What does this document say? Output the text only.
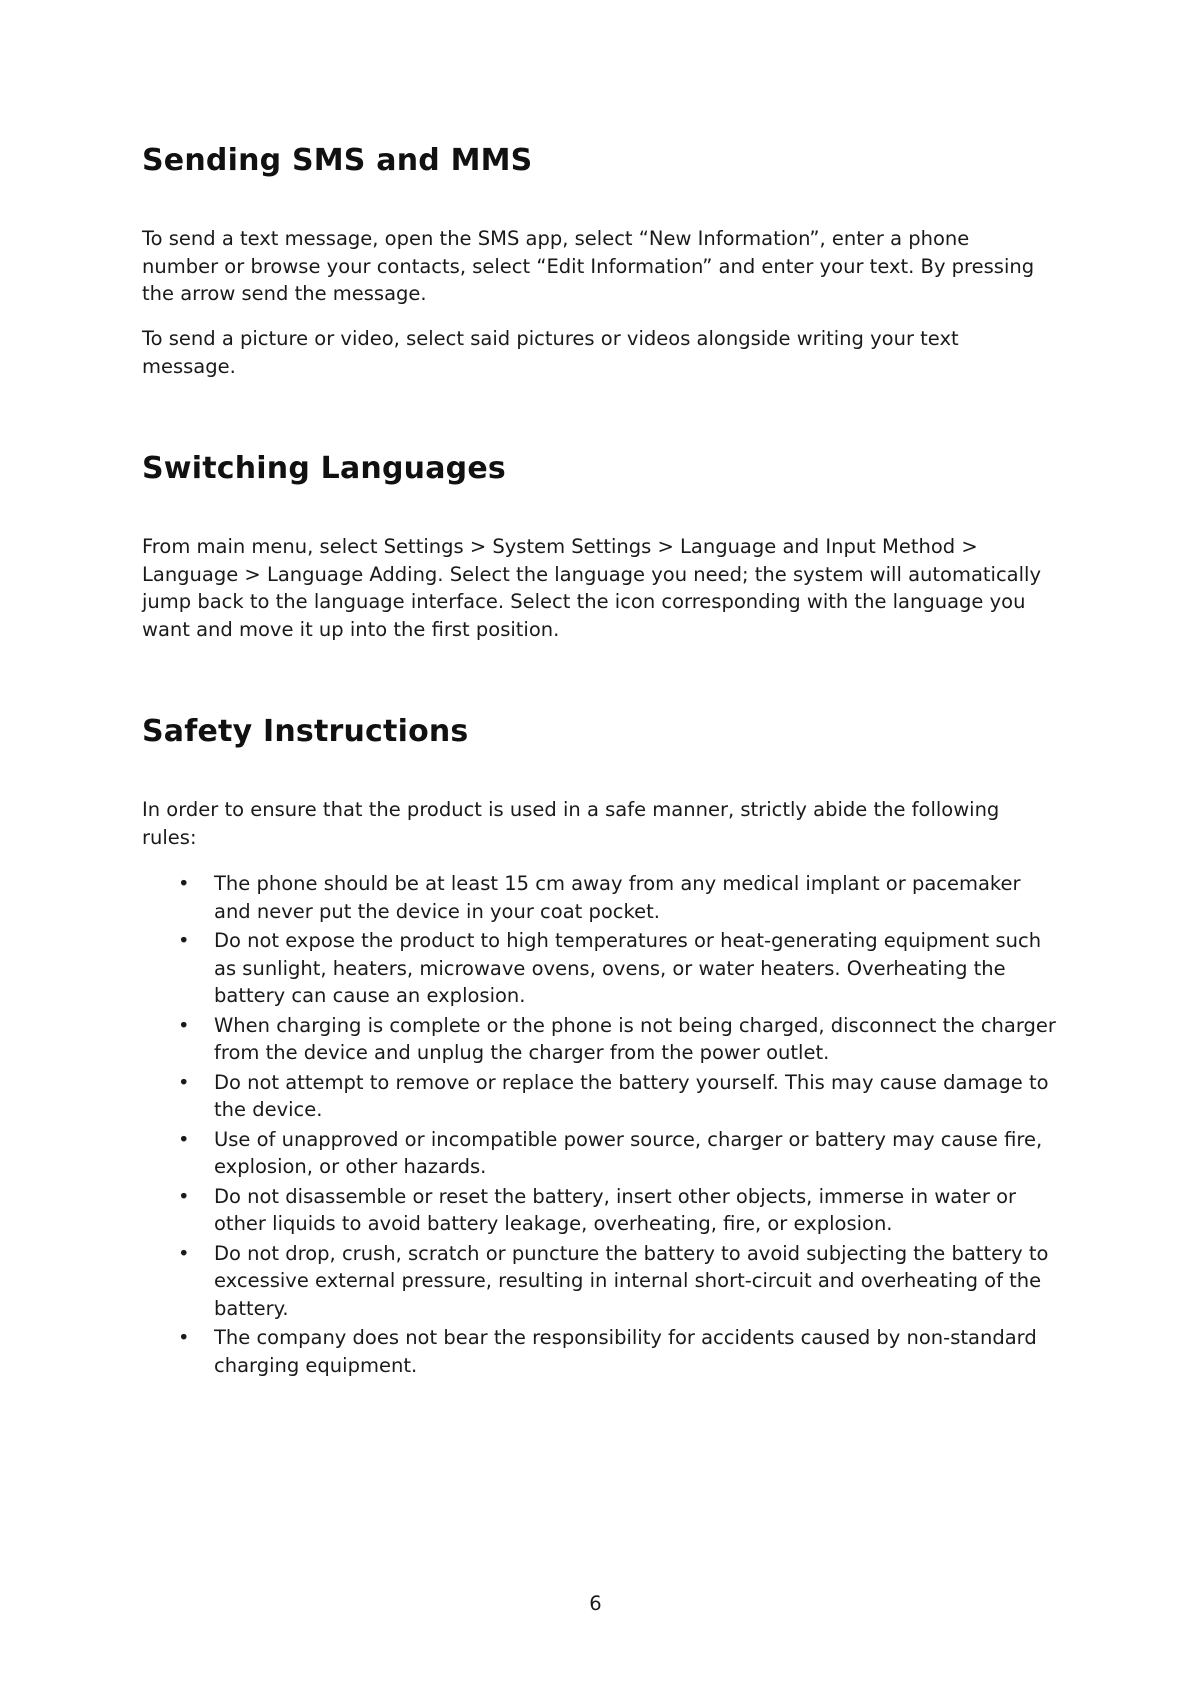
Sending SMS and MMS

To send a text message, open the SMS app, select “New Information”, enter a phone number or browse your contacts, select “Edit Information” and enter your text. By pressing the arrow send the message.

To send a picture or video, select said pictures or videos alongside writing your text message.

Switching Languages

From main menu, select Settings > System Settings > Language and Input Method > Language > Language Adding. Select the language you need; the system will automatically jump back to the language interface. Select the icon corresponding with the language you want and move it up into the first position.

Safety Instructions

In order to ensure that the product is used in a safe manner, strictly abide the following rules:

•	The phone should be at least 15 cm away from any medical implant or pacemaker and never put the device in your coat pocket.
•	Do not expose the product to high temperatures or heat-generating equipment such as sunlight, heaters, microwave ovens, ovens, or water heaters. Overheating the battery can cause an explosion.
•	When charging is complete or the phone is not being charged, disconnect the charger from the device and unplug the charger from the power outlet.
•	Do not attempt to remove or replace the battery yourself. This may cause damage to the device.
•	Use of unapproved or incompatible power source, charger or battery may cause fire, explosion, or other hazards.
•	Do not disassemble or reset the battery, insert other objects, immerse in water or other liquids to avoid battery leakage, overheating, fire, or explosion.
•	Do not drop, crush, scratch or puncture the battery to avoid subjecting the battery to excessive external pressure, resulting in internal short-circuit and overheating of the battery.
•	The company does not bear the responsibility for accidents caused by non-standard charging equipment.
6
